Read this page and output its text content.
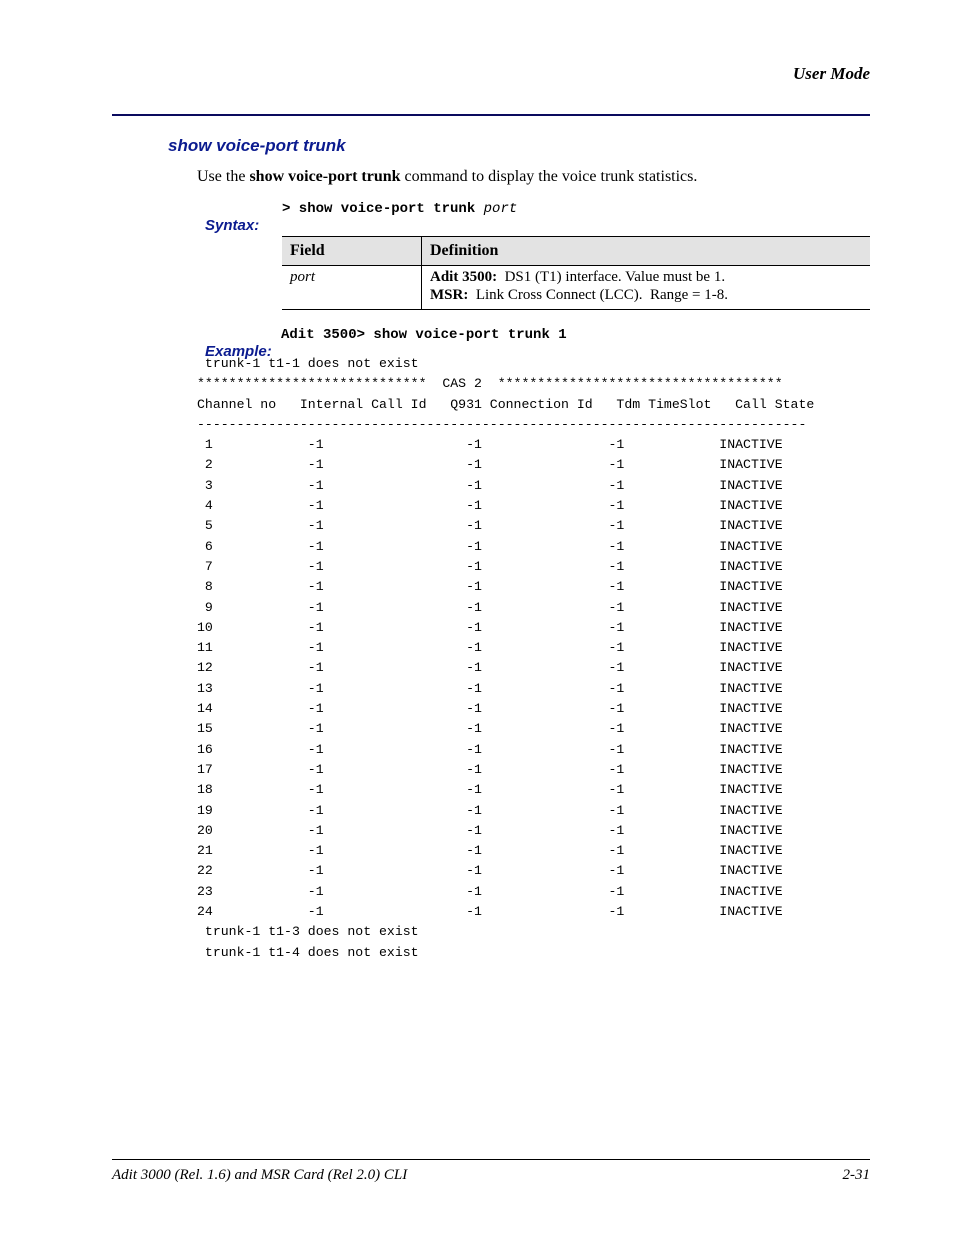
User Mode
show voice-port trunk
Use the show voice-port trunk command to display the voice trunk statistics.

Syntax:

> show voice-port trunk port

Field	Definition
port	Adit 3500:  DS1 (T1) interface. Value must be 1.
MSR:  Link Cross Connect (LCC).  Range = 1-8.

Example:

Adit 3500> show voice-port trunk 1

trunk-1 t1-1 does not exist
*****************************  CAS 2  ************************************
Channel no   Internal Call Id   Q931 Connection Id   Tdm TimeSlot   Call State
-----------------------------------------------------------------------------
1            -1                  -1                -1            INACTIVE
2            -1                  -1                -1            INACTIVE
3            -1                  -1                -1            INACTIVE
4            -1                  -1                -1            INACTIVE
5            -1                  -1                -1            INACTIVE
6            -1                  -1                -1            INACTIVE
7            -1                  -1                -1            INACTIVE
8            -1                  -1                -1            INACTIVE
9            -1                  -1                -1            INACTIVE
10            -1                  -1                -1            INACTIVE
11            -1                  -1                -1            INACTIVE
12            -1                  -1                -1            INACTIVE
13            -1                  -1                -1            INACTIVE
14            -1                  -1                -1            INACTIVE
15            -1                  -1                -1            INACTIVE
16            -1                  -1                -1            INACTIVE
17            -1                  -1                -1            INACTIVE
18            -1                  -1                -1            INACTIVE
19            -1                  -1                -1            INACTIVE
20            -1                  -1                -1            INACTIVE
21            -1                  -1                -1            INACTIVE
22            -1                  -1                -1            INACTIVE
23            -1                  -1                -1            INACTIVE
24            -1                  -1                -1            INACTIVE
trunk-1 t1-3 does not exist
trunk-1 t1-4 does not exist
Adit 3000 (Rel. 1.6) and MSR Card (Rel 2.0) CLI	2-31
